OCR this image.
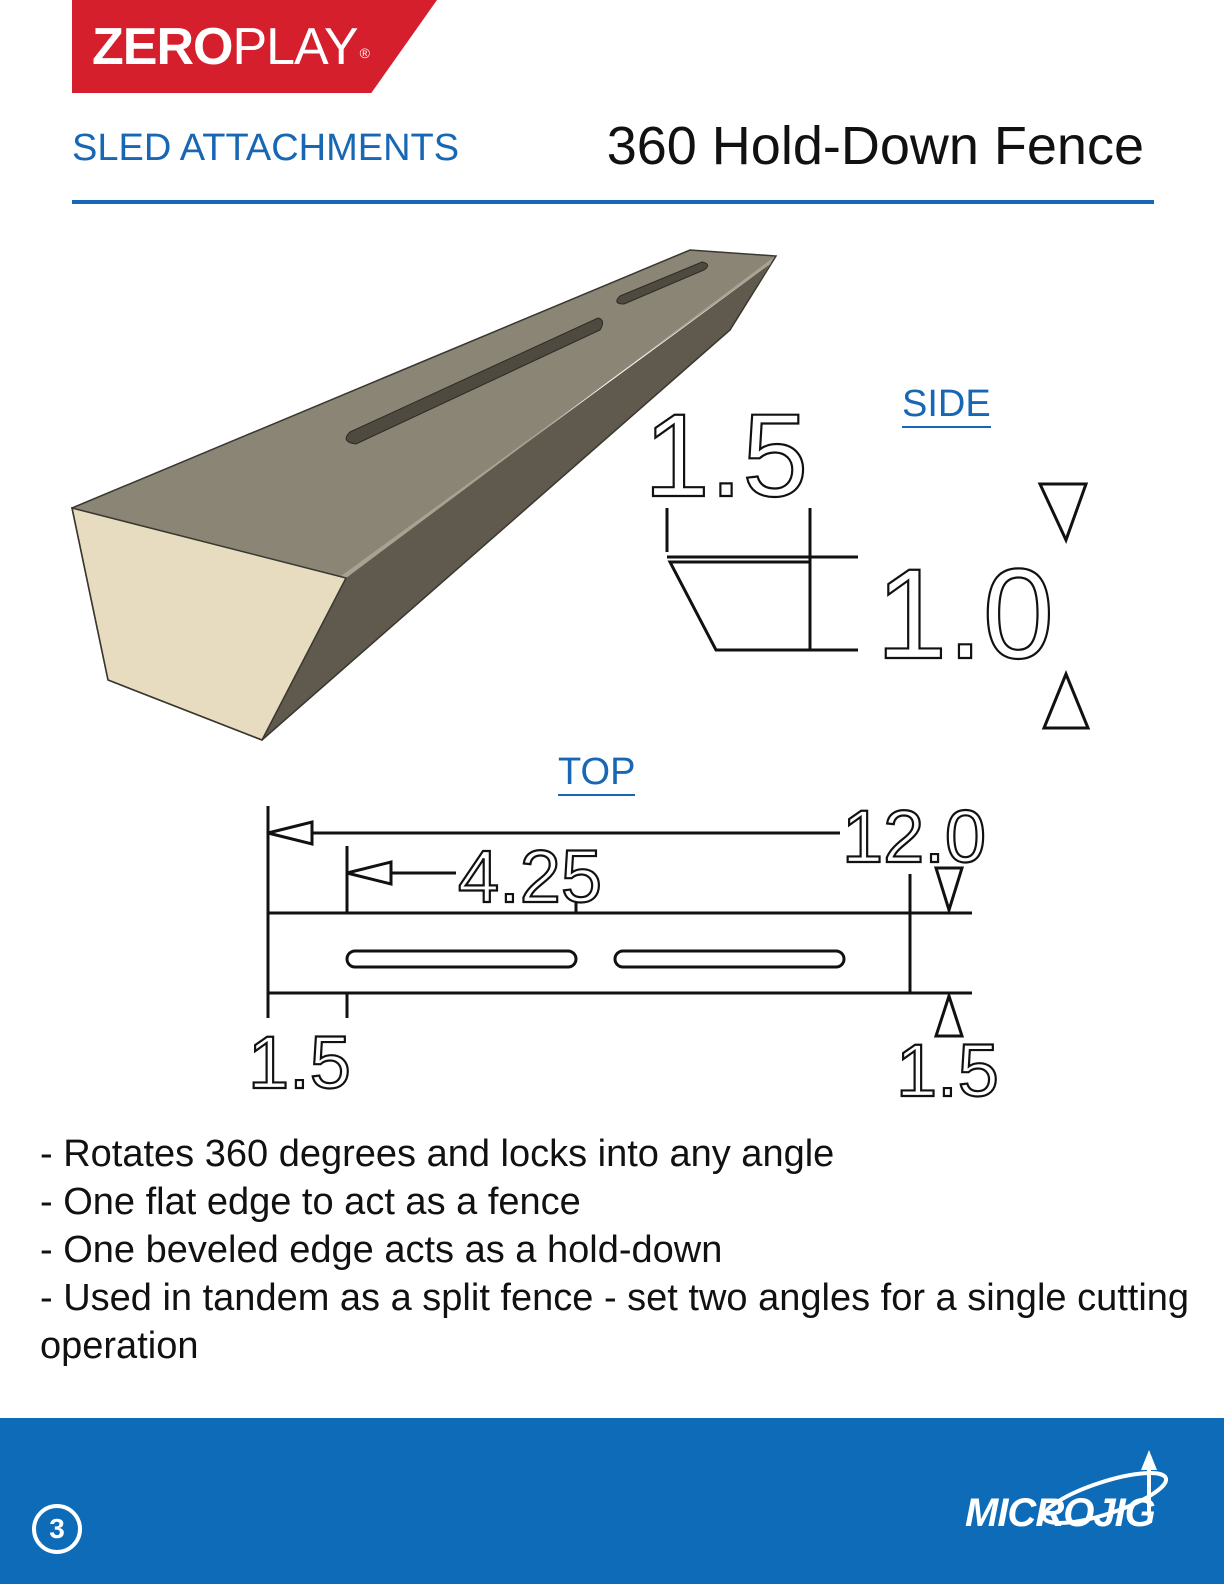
ZEROPLAY ®
SLED ATTACHMENTS	360 Hold-Down Fence
SIDE
TOP
1.5
1.0
12.0
4.25
1.5	1.5
- Rotates 360 degrees and locks into any angle
- One flat edge to act as a fence
- One beveled edge acts as a hold-down
- Used in tandem as a split fence - set two angles for a single cutting operation
3	MICROJIG
